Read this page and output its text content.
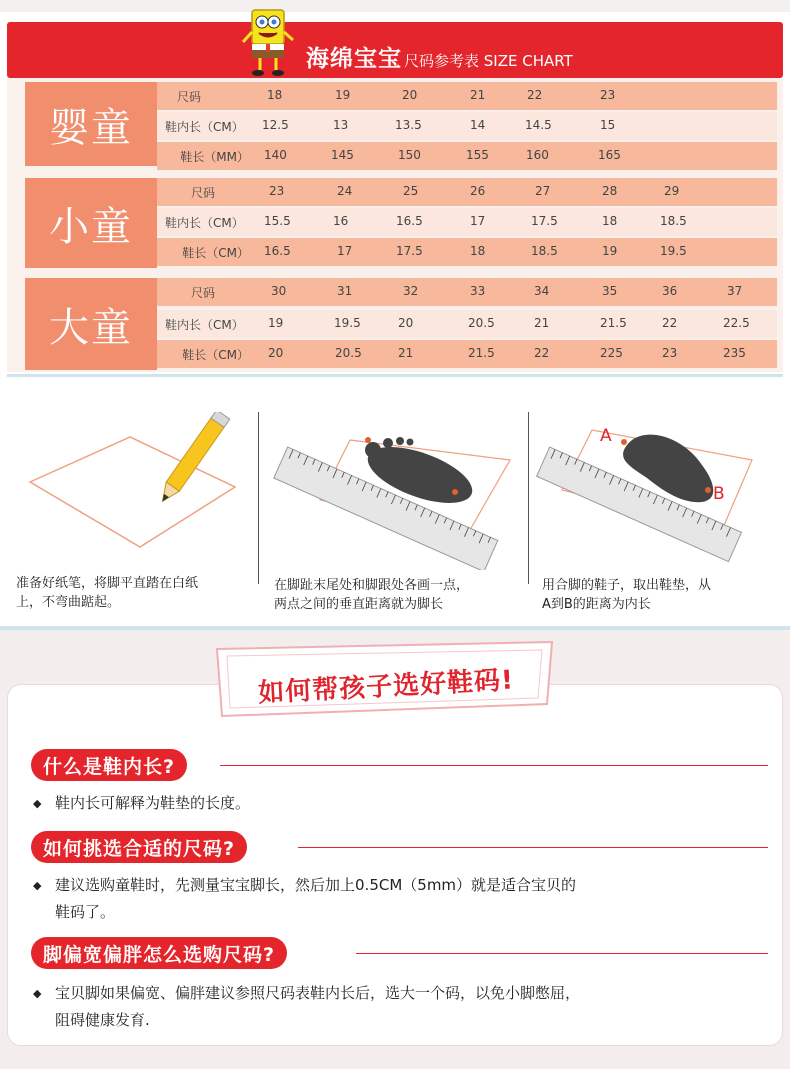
海绵宝宝 尺码参考表 SIZE CHART
婴童
尺码	18	19	20	21	22	23
鞋内长（CM）	12.5	13	13.5	14	14.5	15
鞋长（MM）	140	145	150	155	160	165
小童
尺码	23	24	25	26	27	28	29
鞋内长（CM）	15.5	16	16.5	17	17.5	18	18.5
鞋长（CM）	16.5	17	17.5	18	18.5	19	19.5
大童
尺码	30	31	32	33	34	35	36	37
鞋内长（CM）	19	19.5	20	20.5	21	21.5	22	22.5
鞋长（CM）	20	20.5	21	21.5	22	225	23	235
A
B
准备好纸笔，将脚平直踏在白纸
上，不弯曲踮起。
在脚趾末尾处和脚跟处各画一点，
两点之间的垂直距离就为脚长
用合脚的鞋子，取出鞋垫，从
A到B的距离为内长
如何帮孩子选好鞋码!
什么是鞋内长?
◆ 鞋内长可解释为鞋垫的长度。
如何挑选合适的尺码?
◆ 建议选购童鞋时，先测量宝宝脚长，然后加上0.5CM（5mm）就是适合宝贝的
鞋码了。
脚偏宽偏胖怎么选购尺码?
◆ 宝贝脚如果偏宽、偏胖建议参照尺码表鞋内长后，选大一个码，以免小脚憋屈，
阻碍健康发育.
